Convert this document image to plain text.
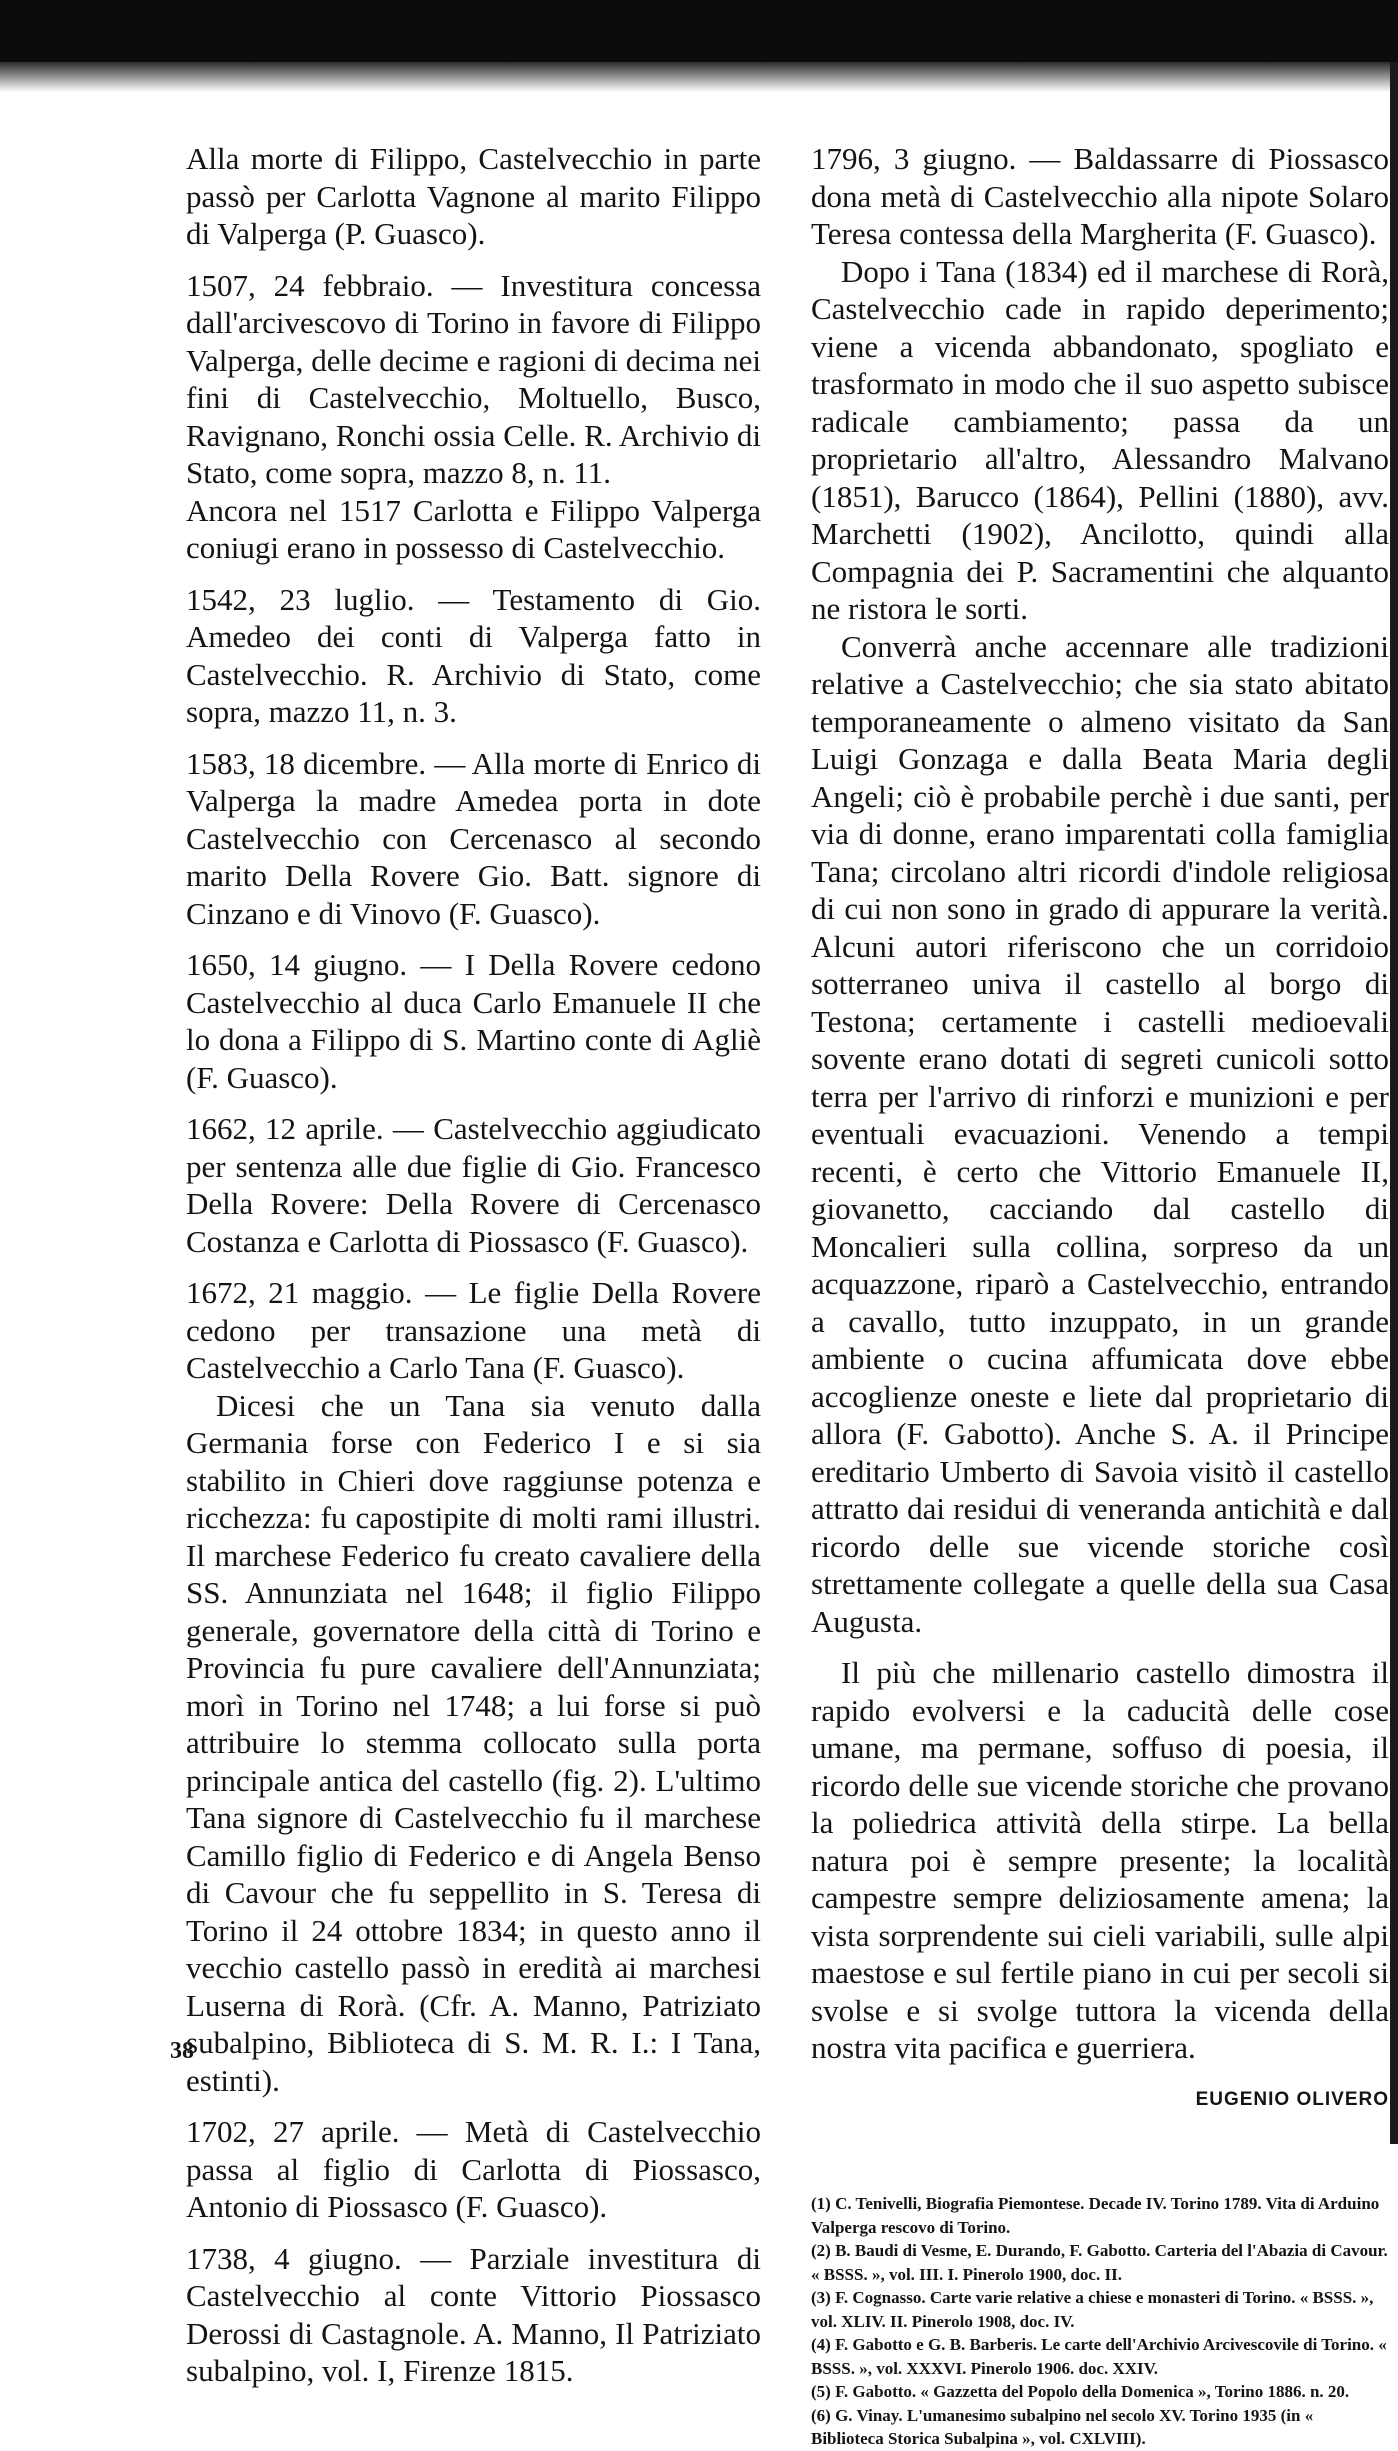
Alla morte di Filippo, Castelvecchio in parte passò per Carlotta Vagnone al marito Filippo di Valperga (P. Guasco).

1507, 24 febbraio. — Investitura concessa dall'arcivescovo di Torino in favore di Filippo Valperga, delle decime e ragioni di decima nei fini di Castelvecchio, Moltuello, Busco, Ravignano, Ronchi ossia Celle. R. Archivio di Stato, come sopra, mazzo 8, n. 11.

Ancora nel 1517 Carlotta e Filippo Valperga coniugi erano in possesso di Castelvecchio.

1542, 23 luglio. — Testamento di Gio. Amedeo dei conti di Valperga fatto in Castelvecchio. R. Archivio di Stato, come sopra, mazzo 11, n. 3.

1583, 18 dicembre. — Alla morte di Enrico di Valperga la madre Amedea porta in dote Castelvecchio con Cercenasco al secondo marito Della Rovere Gio. Batt. signore di Cinzano e di Vinovo (F. Guasco).

1650, 14 giugno. — I Della Rovere cedono Castelvecchio al duca Carlo Emanuele II che lo dona a Filippo di S. Martino conte di Agliè (F. Guasco).

1662, 12 aprile. — Castelvecchio aggiudicato per sentenza alle due figlie di Gio. Francesco Della Rovere: Della Rovere di Cercenasco Costanza e Carlotta di Piossasco (F. Guasco).

1672, 21 maggio. — Le figlie Della Rovere cedono per transazione una metà di Castelvecchio a Carlo Tana (F. Guasco).

Dicesi che un Tana sia venuto dalla Germania forse con Federico I e si sia stabilito in Chieri dove raggiunse potenza e ricchezza: fu capostipite di molti rami illustri. Il marchese Federico fu creato cavaliere della SS. Annunziata nel 1648; il figlio Filippo generale, governatore della città di Torino e Provincia fu pure cavaliere dell'Annunziata; morì in Torino nel 1748; a lui forse si può attribuire lo stemma collocato sulla porta principale antica del castello (fig. 2). L'ultimo Tana signore di Castelvecchio fu il marchese Camillo figlio di Federico e di Angela Benso di Cavour che fu seppellito in S. Teresa di Torino il 24 ottobre 1834; in questo anno il vecchio castello passò in eredità ai marchesi Luserna di Rorà. (Cfr. A. Manno, Patriziato subalpino, Biblioteca di S. M. R. I.: I Tana, estinti).

1702, 27 aprile. — Metà di Castelvecchio passa al figlio di Carlotta di Piossasco, Antonio di Piossasco (F. Guasco).

1738, 4 giugno. — Parziale investitura di Castelvecchio al conte Vittorio Piossasco Derossi di Castagnole. A. Manno, Il Patriziato subalpino, vol. I, Firenze 1815.

1796, 3 giugno. — Baldassarre di Piossasco dona metà di Castelvecchio alla nipote Solaro Teresa contessa della Margherita (F. Guasco).

Dopo i Tana (1834) ed il marchese di Rorà, Castelvecchio cade in rapido deperimento; viene a vicenda abbandonato, spogliato e trasformato in modo che il suo aspetto subisce radicale cambiamento; passa da un proprietario all'altro, Alessandro Malvano (1851), Barucco (1864), Pellini (1880), avv. Marchetti (1902), Ancilotto, quindi alla Compagnia dei P. Sacramentini che alquanto ne ristora le sorti.

Converrà anche accennare alle tradizioni relative a Castelvecchio; che sia stato abitato temporaneamente o almeno visitato da San Luigi Gonzaga e dalla Beata Maria degli Angeli; ciò è probabile perchè i due santi, per via di donne, erano imparentati colla famiglia Tana; circolano altri ricordi d'indole religiosa di cui non sono in grado di appurare la verità. Alcuni autori riferiscono che un corridoio sotterraneo univa il castello al borgo di Testona; certamente i castelli medioevali sovente erano dotati di segreti cunicoli sotto terra per l'arrivo di rinforzi e munizioni e per eventuali evacuazioni. Venendo a tempi recenti, è certo che Vittorio Emanuele II, giovanetto, cacciando dal castello di Moncalieri sulla collina, sorpreso da un acquazzone, riparò a Castelvecchio, entrando a cavallo, tutto inzuppato, in un grande ambiente o cucina affumicata dove ebbe accoglienze oneste e liete dal proprietario di allora (F. Gabotto). Anche S. A. il Principe ereditario Umberto di Savoia visitò il castello attratto dai residui di veneranda antichità e dal ricordo delle sue vicende storiche così strettamente collegate a quelle della sua Casa Augusta.

Il più che millenario castello dimostra il rapido evolversi e la caducità delle cose umane, ma permane, soffuso di poesia, il ricordo delle sue vicende storiche che provano la poliedrica attività della stirpe. La bella natura poi è sempre presente; la località campestre sempre deliziosamente amena; la vista sorprendente sui cieli variabili, sulle alpi maestose e sul fertile piano in cui per secoli si svolse e si svolge tuttora la vicenda della nostra vita pacifica e guerriera.

EUGENIO OLIVERO

(1) C. Tenivelli, Biografia Piemontese. Decade IV. Torino 1789. Vita di Arduino Valperga rescovo di Torino.

(2) B. Baudi di Vesme, E. Durando, F. Gabotto. Carteria del l'Abazia di Cavour. « BSSS. », vol. III. I. Pinerolo 1900, doc. II.

(3) F. Cognasso. Carte varie relative a chiese e monasteri di Torino. « BSSS. », vol. XLIV. II. Pinerolo 1908, doc. IV.

(4) F. Gabotto e G. B. Barberis. Le carte dell'Archivio Arcivescovile di Torino. « BSSS. », vol. XXXVI. Pinerolo 1906. doc. XXIV.

(5) F. Gabotto. « Gazzetta del Popolo della Domenica », Torino 1886. n. 20.

(6) G. Vinay. L'umanesimo subalpino nel secolo XV. Torino 1935 (in « Biblioteca Storica Subalpina », vol. CXLVIII).

38
